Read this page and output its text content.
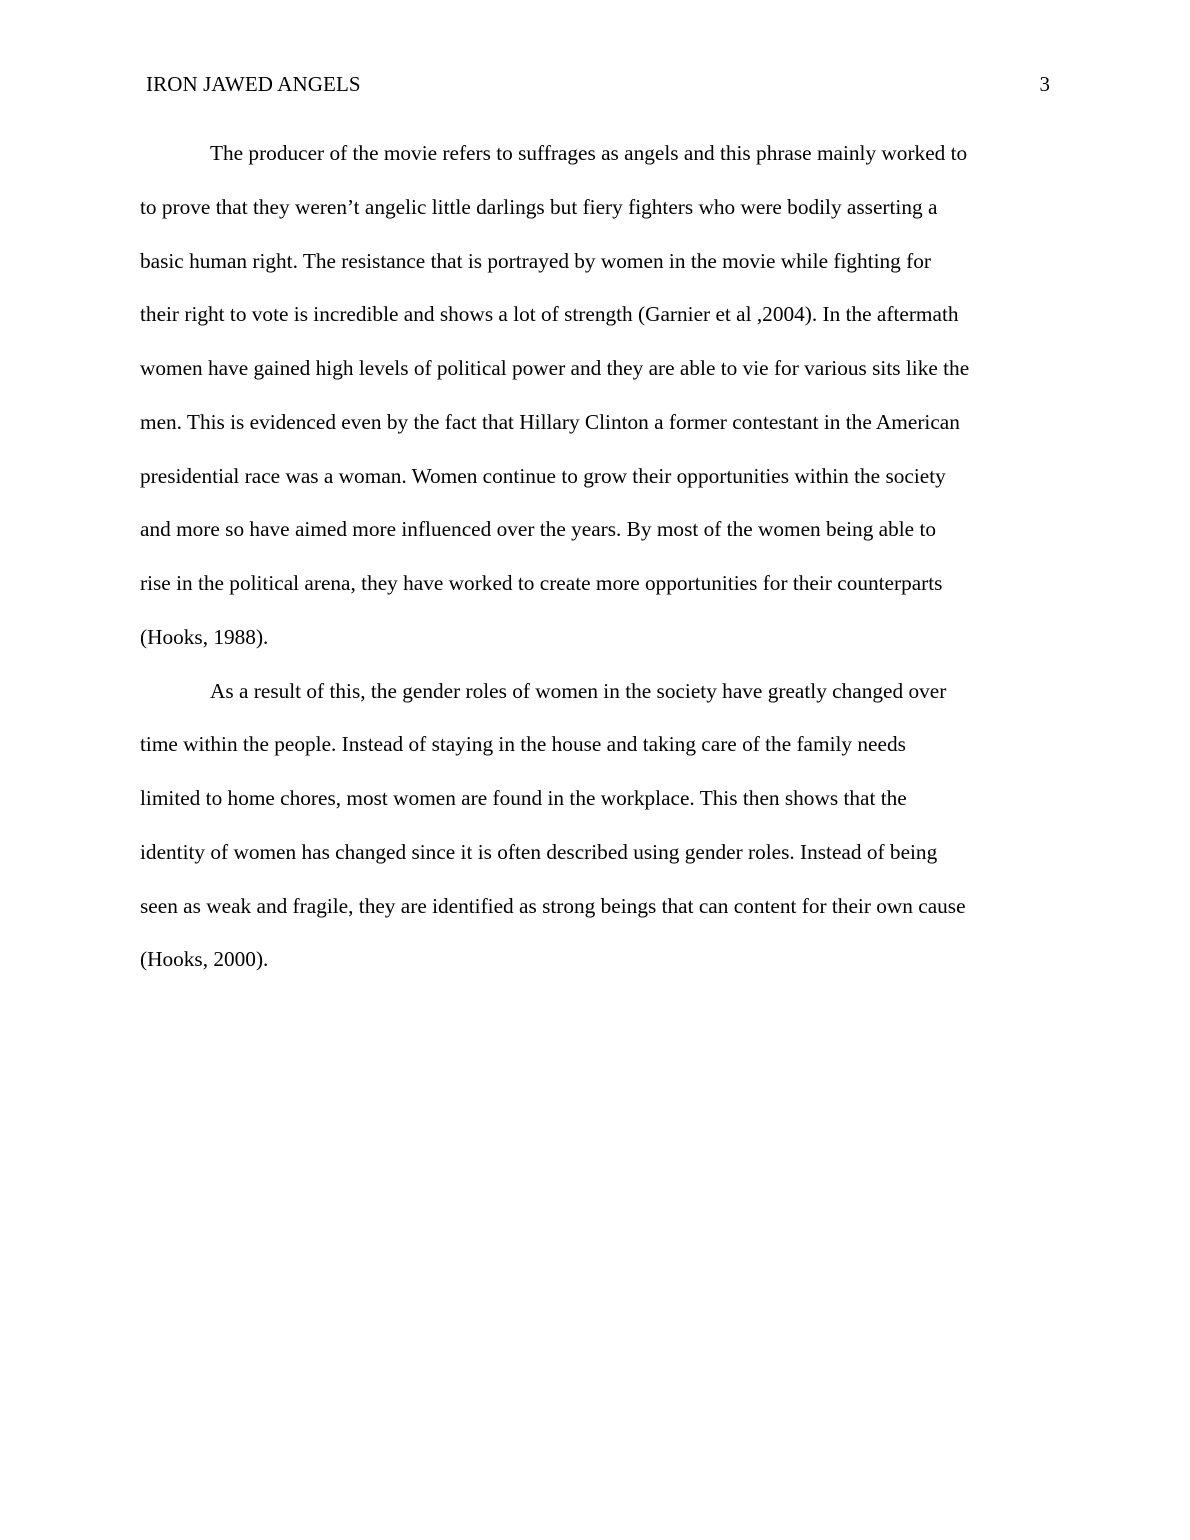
IRON JAWED ANGELS	3
The producer of the movie refers to suffrages as angels and this phrase mainly worked to
to prove that they weren’t angelic little darlings but fiery fighters who were bodily asserting a
basic human right. The resistance that is portrayed by women in the movie while fighting for
their right to vote is incredible and shows a lot of strength (Garnier et al ,2004). In the aftermath
women have gained high levels of political power and they are able to vie for various sits like the
men. This is evidenced even by the fact that Hillary Clinton a former contestant in the American
presidential race was a woman. Women continue to grow their opportunities within the society
and more so have aimed more influenced over the years. By most of the women being able to
rise in the political arena, they have worked to create more opportunities for their counterparts
(Hooks, 1988).
As a result of this, the gender roles of women in the society have greatly changed over
time within the people. Instead of staying in the house and taking care of the family needs
limited to home chores, most women are found in the workplace. This then shows that the
identity of women has changed since it is often described using gender roles. Instead of being
seen as weak and fragile, they are identified as strong beings that can content for their own cause
(Hooks, 2000).
